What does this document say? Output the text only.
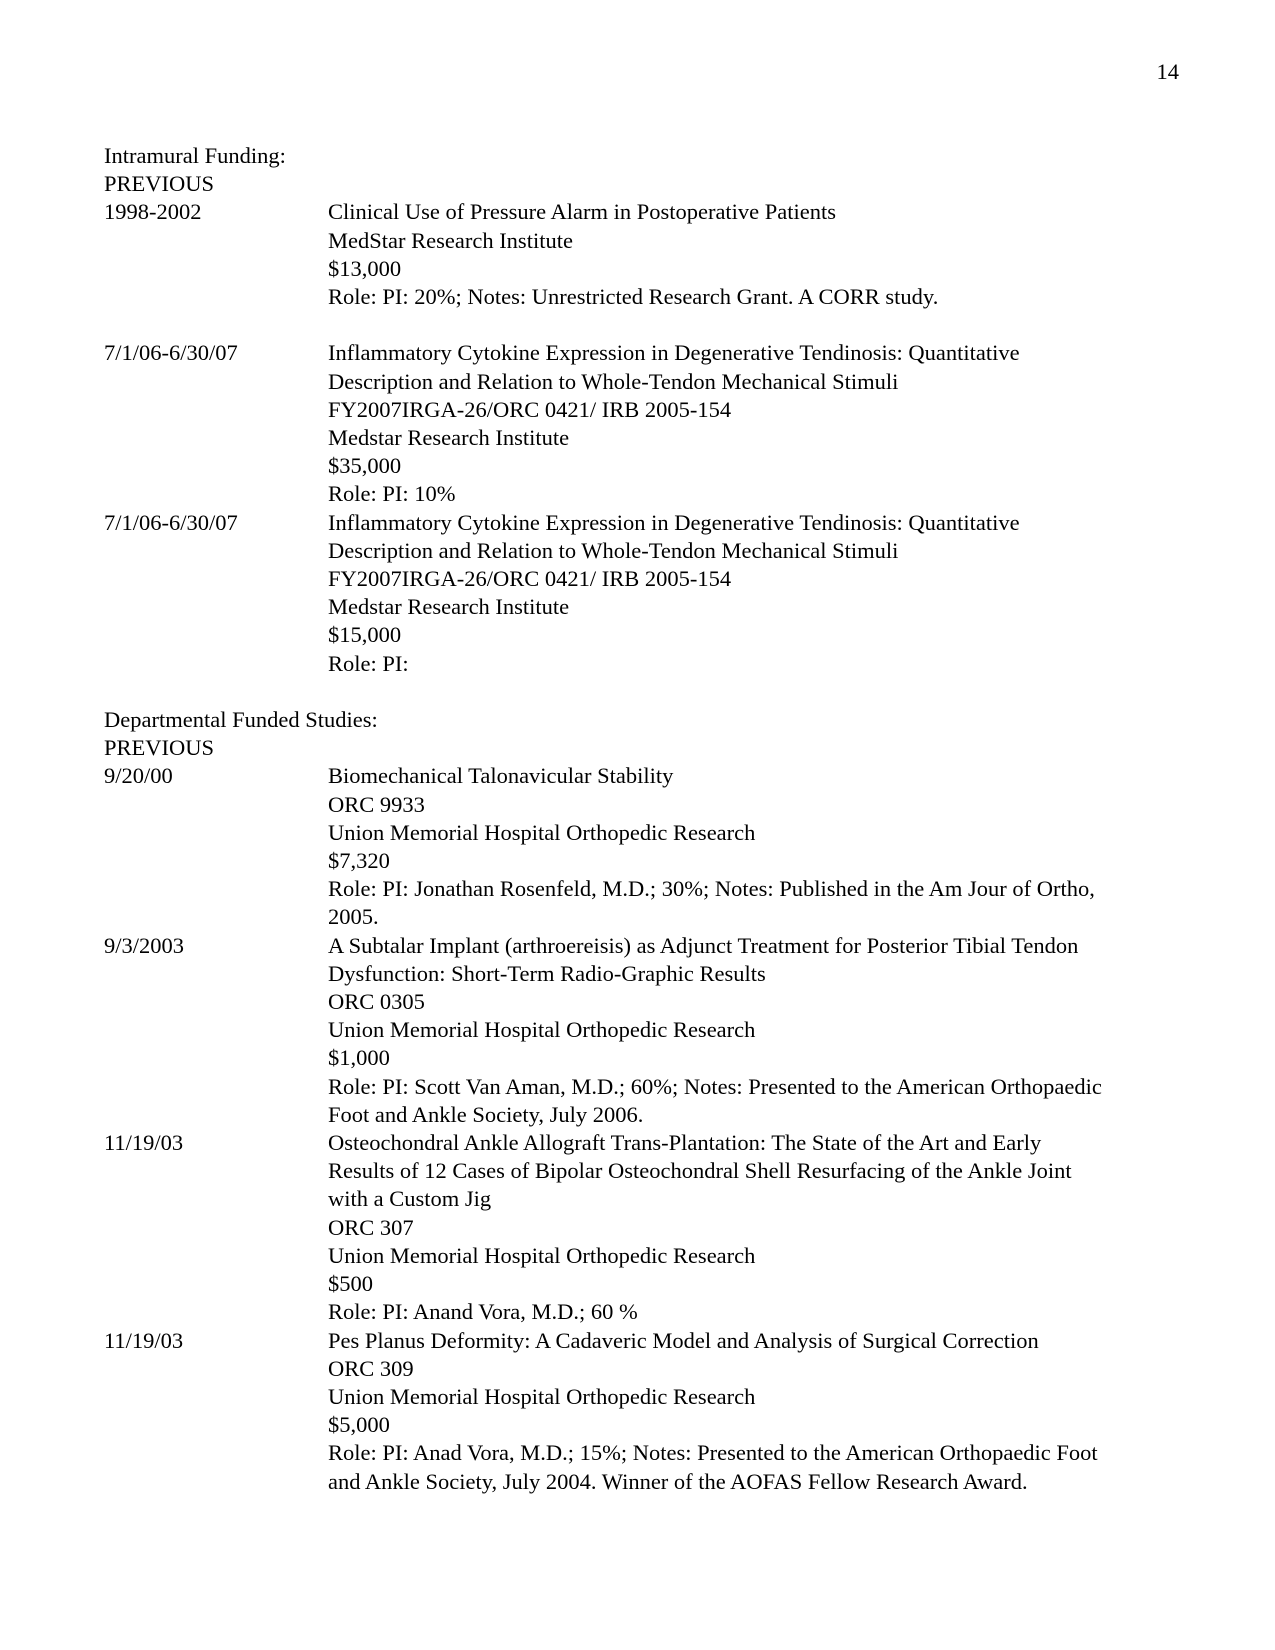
14
Intramural Funding:
PREVIOUS
1998-2002	Clinical Use of Pressure Alarm in Postoperative Patients
MedStar Research Institute
$13,000
Role: PI: 20%; Notes: Unrestricted Research Grant. A CORR study.
7/1/06-6/30/07	Inflammatory Cytokine Expression in Degenerative Tendinosis: Quantitative
Description and Relation to Whole-Tendon Mechanical Stimuli
FY2007IRGA-26/ORC 0421/ IRB 2005-154
Medstar Research Institute
$35,000
Role: PI: 10%
7/1/06-6/30/07	Inflammatory Cytokine Expression in Degenerative Tendinosis: Quantitative
Description and Relation to Whole-Tendon Mechanical Stimuli
FY2007IRGA-26/ORC 0421/ IRB 2005-154
Medstar Research Institute
$15,000
Role: PI:
Departmental Funded Studies:
PREVIOUS
9/20/00	Biomechanical Talonavicular Stability
ORC 9933
Union Memorial Hospital Orthopedic Research
$7,320
Role: PI: Jonathan Rosenfeld, M.D.; 30%; Notes: Published in the Am Jour of Ortho,
2005.
9/3/2003	A Subtalar Implant (arthroereisis) as Adjunct Treatment for Posterior Tibial Tendon
Dysfunction: Short-Term Radio-Graphic Results
ORC 0305
Union Memorial Hospital Orthopedic Research
$1,000
Role: PI: Scott Van Aman, M.D.; 60%; Notes: Presented to the American Orthopaedic
Foot and Ankle Society, July 2006.
11/19/03	Osteochondral Ankle Allograft Trans-Plantation: The State of the Art and Early
Results of 12 Cases of Bipolar Osteochondral Shell Resurfacing of the Ankle Joint
with a Custom Jig
ORC 307
Union Memorial Hospital Orthopedic Research
$500
Role: PI: Anand Vora, M.D.; 60 %
11/19/03	Pes Planus Deformity: A Cadaveric Model and Analysis of Surgical Correction
ORC 309
Union Memorial Hospital Orthopedic Research
$5,000
Role: PI: Anad Vora, M.D.; 15%; Notes: Presented to the American Orthopaedic Foot
and Ankle Society, July 2004. Winner of the AOFAS Fellow Research Award.
